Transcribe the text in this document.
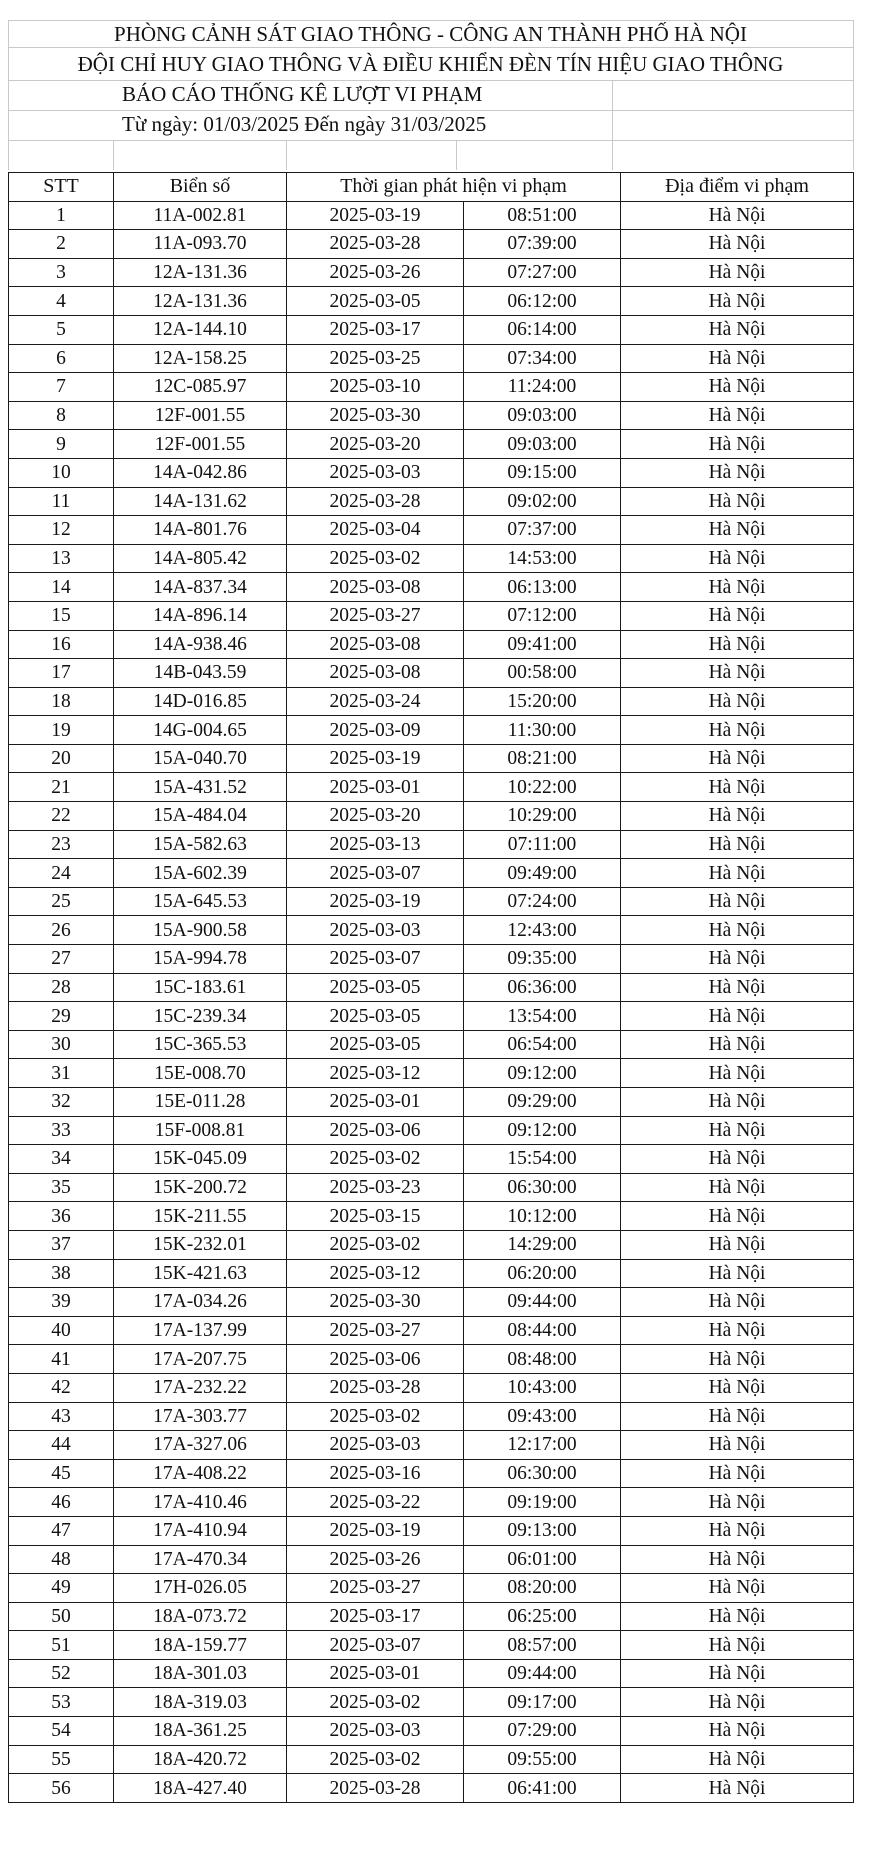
PHÒNG CẢNH SÁT GIAO THÔNG - CÔNG AN THÀNH PHỐ HÀ NỘI
ĐỘI CHỈ HUY GIAO THÔNG VÀ ĐIỀU KHIỂN ĐÈN TÍN HIỆU GIAO THÔNG
BÁO CÁO THỐNG KÊ LƯỢT VI PHẠM
Từ ngày: 01/03/2025 Đến ngày 31/03/2025
STT	Biển số	Thời gian phát hiện vi phạm		Địa điểm vi phạm
1	11A-002.81	2025-03-19	08:51:00	Hà Nội
2	11A-093.70	2025-03-28	07:39:00	Hà Nội
3	12A-131.36	2025-03-26	07:27:00	Hà Nội
4	12A-131.36	2025-03-05	06:12:00	Hà Nội
5	12A-144.10	2025-03-17	06:14:00	Hà Nội
6	12A-158.25	2025-03-25	07:34:00	Hà Nội
7	12C-085.97	2025-03-10	11:24:00	Hà Nội
8	12F-001.55	2025-03-30	09:03:00	Hà Nội
9	12F-001.55	2025-03-20	09:03:00	Hà Nội
10	14A-042.86	2025-03-03	09:15:00	Hà Nội
11	14A-131.62	2025-03-28	09:02:00	Hà Nội
12	14A-801.76	2025-03-04	07:37:00	Hà Nội
13	14A-805.42	2025-03-02	14:53:00	Hà Nội
14	14A-837.34	2025-03-08	06:13:00	Hà Nội
15	14A-896.14	2025-03-27	07:12:00	Hà Nội
16	14A-938.46	2025-03-08	09:41:00	Hà Nội
17	14B-043.59	2025-03-08	00:58:00	Hà Nội
18	14D-016.85	2025-03-24	15:20:00	Hà Nội
19	14G-004.65	2025-03-09	11:30:00	Hà Nội
20	15A-040.70	2025-03-19	08:21:00	Hà Nội
21	15A-431.52	2025-03-01	10:22:00	Hà Nội
22	15A-484.04	2025-03-20	10:29:00	Hà Nội
23	15A-582.63	2025-03-13	07:11:00	Hà Nội
24	15A-602.39	2025-03-07	09:49:00	Hà Nội
25	15A-645.53	2025-03-19	07:24:00	Hà Nội
26	15A-900.58	2025-03-03	12:43:00	Hà Nội
27	15A-994.78	2025-03-07	09:35:00	Hà Nội
28	15C-183.61	2025-03-05	06:36:00	Hà Nội
29	15C-239.34	2025-03-05	13:54:00	Hà Nội
30	15C-365.53	2025-03-05	06:54:00	Hà Nội
31	15E-008.70	2025-03-12	09:12:00	Hà Nội
32	15E-011.28	2025-03-01	09:29:00	Hà Nội
33	15F-008.81	2025-03-06	09:12:00	Hà Nội
34	15K-045.09	2025-03-02	15:54:00	Hà Nội
35	15K-200.72	2025-03-23	06:30:00	Hà Nội
36	15K-211.55	2025-03-15	10:12:00	Hà Nội
37	15K-232.01	2025-03-02	14:29:00	Hà Nội
38	15K-421.63	2025-03-12	06:20:00	Hà Nội
39	17A-034.26	2025-03-30	09:44:00	Hà Nội
40	17A-137.99	2025-03-27	08:44:00	Hà Nội
41	17A-207.75	2025-03-06	08:48:00	Hà Nội
42	17A-232.22	2025-03-28	10:43:00	Hà Nội
43	17A-303.77	2025-03-02	09:43:00	Hà Nội
44	17A-327.06	2025-03-03	12:17:00	Hà Nội
45	17A-408.22	2025-03-16	06:30:00	Hà Nội
46	17A-410.46	2025-03-22	09:19:00	Hà Nội
47	17A-410.94	2025-03-19	09:13:00	Hà Nội
48	17A-470.34	2025-03-26	06:01:00	Hà Nội
49	17H-026.05	2025-03-27	08:20:00	Hà Nội
50	18A-073.72	2025-03-17	06:25:00	Hà Nội
51	18A-159.77	2025-03-07	08:57:00	Hà Nội
52	18A-301.03	2025-03-01	09:44:00	Hà Nội
53	18A-319.03	2025-03-02	09:17:00	Hà Nội
54	18A-361.25	2025-03-03	07:29:00	Hà Nội
55	18A-420.72	2025-03-02	09:55:00	Hà Nội
56	18A-427.40	2025-03-28	06:41:00	Hà Nội
